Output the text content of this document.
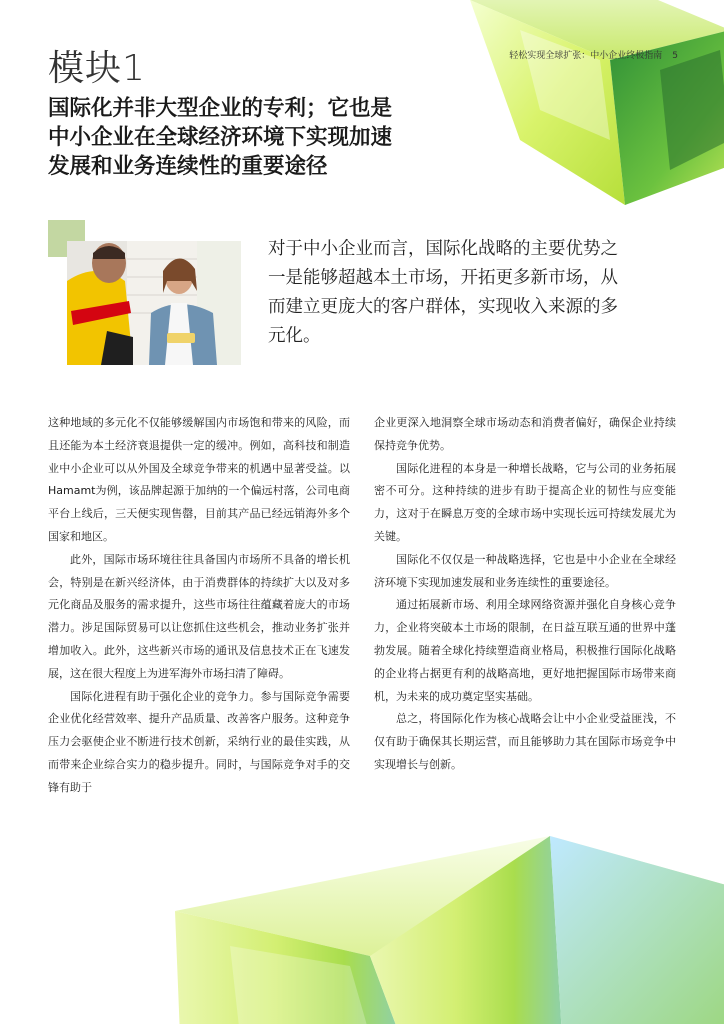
模块1	轻松实现全球扩张：中小企业终极指南 5
国际化并非大型企业的专利；它也是
中小企业在全球经济环境下实现加速
发展和业务连续性的重要途径
对于中小企业而言，国际化战略的主要优势之
一是能够超越本土市场，开拓更多新市场，从
而建立更庞大的客户群体，实现收入来源的多
元化。

这种地域的多元化不仅能够缓解国内市场饱和带来的风险，而且还能为本土经济衰退提供一定的缓冲。例如，高科技和制造业中小企业可以从外国及全球竞争带来的机遇中显著受益。以Hamamt为例，该品牌起源于加纳的一个偏远村落，公司电商平台上线后，三天便实现售罄，目前其产品已经远销海外多个国家和地区。

此外，国际市场环境往往具备国内市场所不具备的增长机会，特别是在新兴经济体，由于消费群体的持续扩大以及对多元化商品及服务的需求提升，这些市场往往蕴藏着庞大的市场潜力。涉足国际贸易可以让您抓住这些机会，推动业务扩张并增加收入。此外，这些新兴市场的通讯及信息技术正在飞速发展，这在很大程度上为进军海外市场扫清了障碍。

国际化进程有助于强化企业的竞争力。参与国际竞争需要企业优化经营效率、提升产品质量、改善客户服务。这种竞争压力会驱使企业不断进行技术创新，采纳行业的最佳实践，从而带来企业综合实力的稳步提升。同时，与国际竞争对手的交锋有助于

企业更深入地洞察全球市场动态和消费者偏好，确保企业持续保持竞争优势。

国际化进程的本身是一种增长战略，它与公司的业务拓展密不可分。这种持续的进步有助于提高企业的韧性与应变能力，这对于在瞬息万变的全球市场中实现长远可持续发展尤为关键。

国际化不仅仅是一种战略选择，它也是中小企业在全球经济环境下实现加速发展和业务连续性的重要途径。

通过拓展新市场、利用全球网络资源并强化自身核心竞争力，企业将突破本土市场的限制，在日益互联互通的世界中蓬勃发展。随着全球化持续塑造商业格局，积极推行国际化战略的企业将占据更有利的战略高地，更好地把握国际市场带来商机，为未来的成功奠定坚实基础。

总之，将国际化作为核心战略会让中小企业受益匪浅，不仅有助于确保其长期运营，而且能够助力其在国际市场竞争中实现增长与创新。
